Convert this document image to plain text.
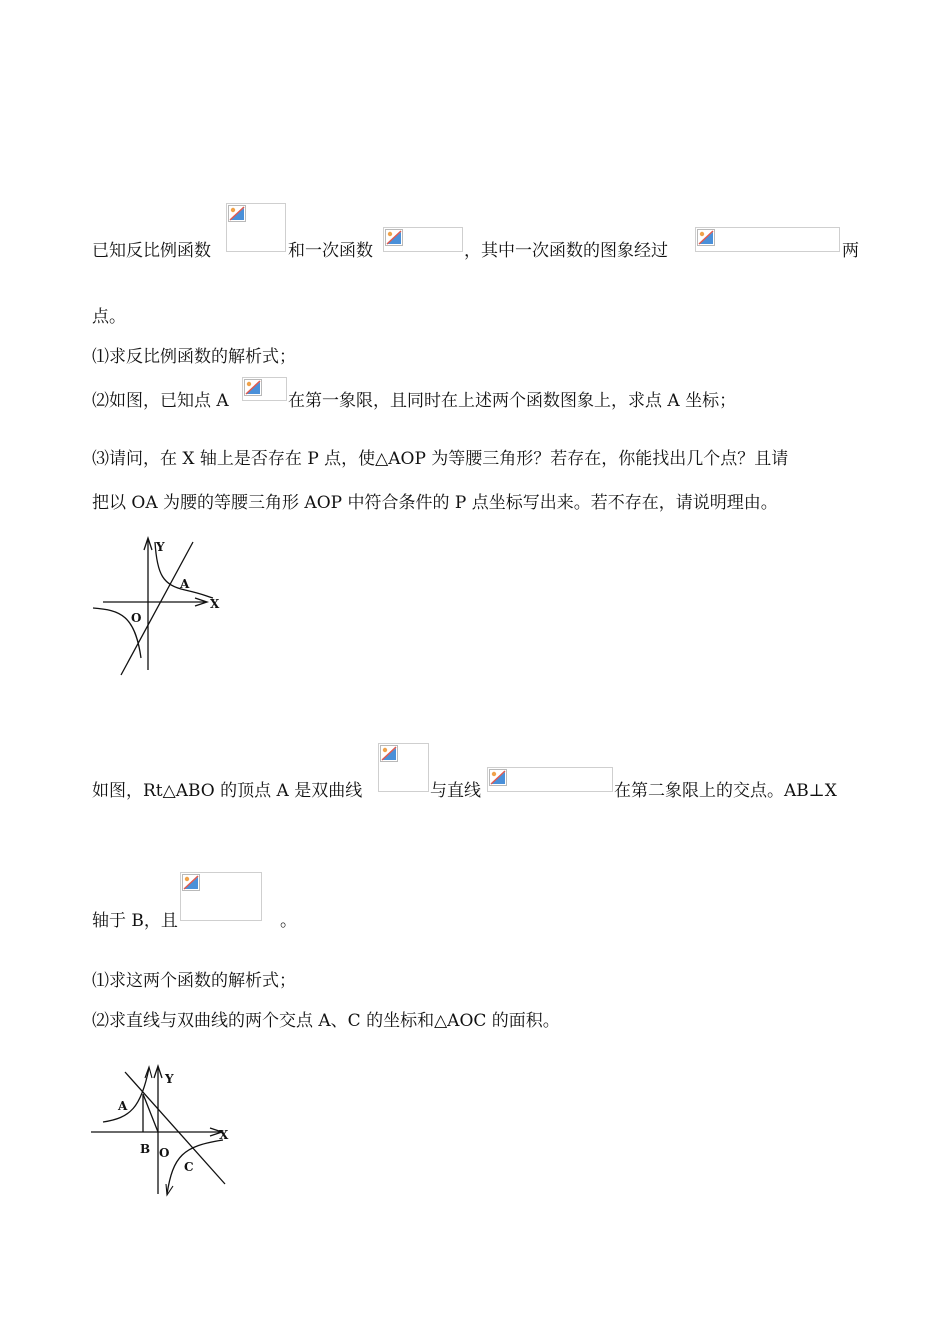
已知反比例函数	和一次函数	，其中一次函数的图象经过	两
点。
⑴求反比例函数的解析式；
⑵如图，已知点 A	在第一象限，且同时在上述两个函数图象上，求点 A 坐标；
⑶请问，在 X 轴上是否存在 P 点，使△AOP 为等腰三角形？若存在，你能找出几个点？且请
把以 OA 为腰的等腰三角形 AOP 中符合条件的 P 点坐标写出来。若不存在，请说明理由。
Y
X
A
O
如图，Rt△ABO 的顶点 A 是双曲线	与直线	在第二象限上的交点。AB⊥X
轴于 B，且	。
⑴求这两个函数的解析式；
⑵求直线与双曲线的两个交点 A、C 的坐标和△AOC 的面积。
Y
X
A
B O
C
